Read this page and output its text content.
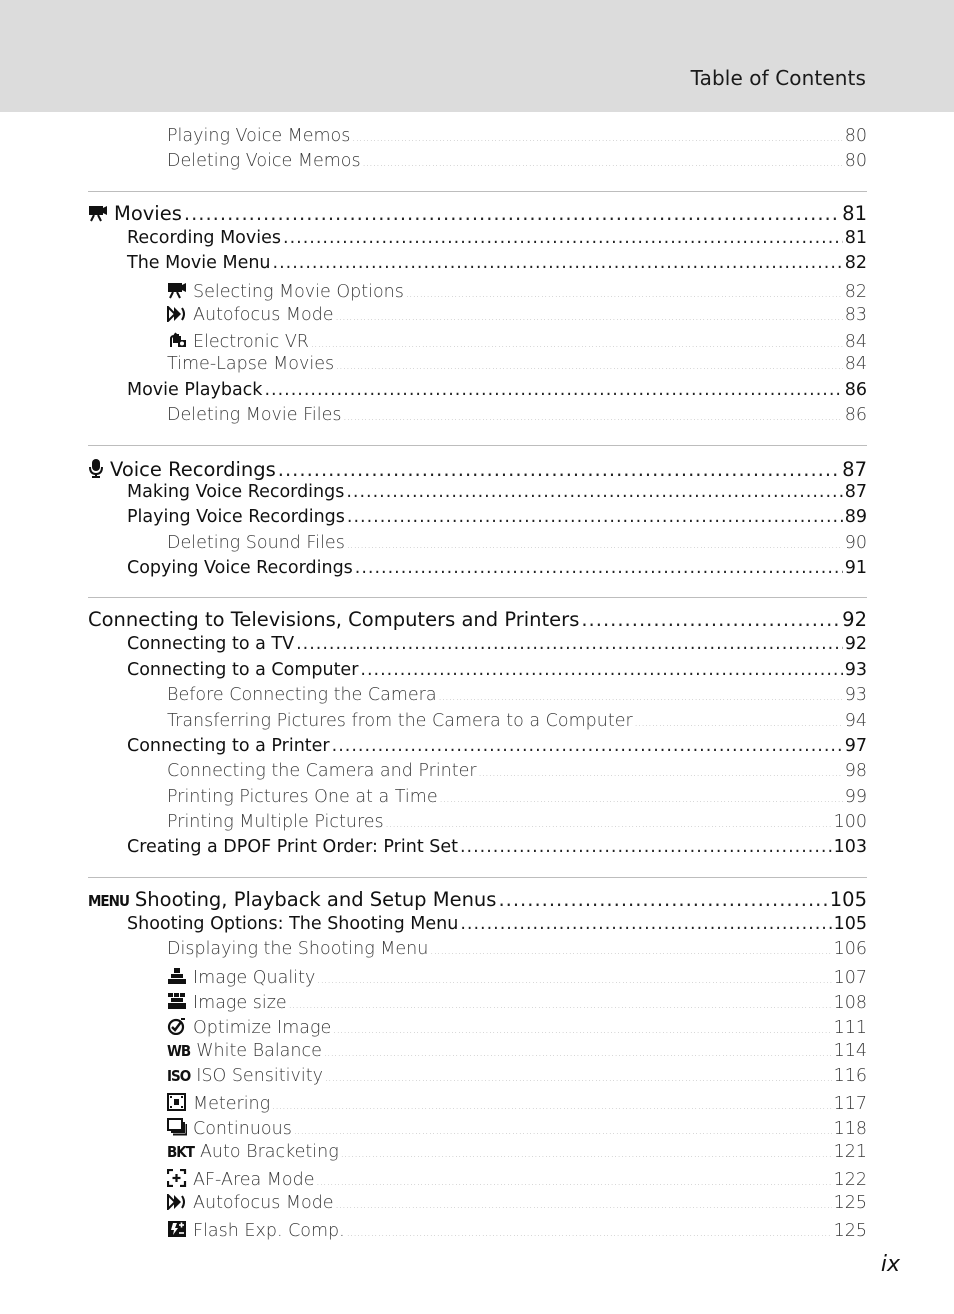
Table of Contents
Playing Voice Memos .....	80
Deleting Voice Memos .....	80
Movies .....	81
Recording Movies .....	81
The Movie Menu .....	82
Selecting Movie Options .....	82
Autofocus Mode .....	83
Electronic VR .....	84
Time-Lapse Movies .....	84
Movie Playback .....	86
Deleting Movie Files .....	86
Voice Recordings .....	87
Making Voice Recordings .....	87
Playing Voice Recordings .....	89
Deleting Sound Files .....	90
Copying Voice Recordings .....	91
Connecting to Televisions, Computers and Printers .....	92
Connecting to a TV .....	92
Connecting to a Computer .....	93
Before Connecting the Camera .....	93
Transferring Pictures from the Camera to a Computer .....	94
Connecting to a Printer .....	97
Connecting the Camera and Printer .....	98
Printing Pictures One at a Time .....	99
Printing Multiple Pictures .....	100
Creating a DPOF Print Order: Print Set .....	103
MENU Shooting, Playback and Setup Menus .....	105
Shooting Options: The Shooting Menu .....	105
Displaying the Shooting Menu .....	106
Image Quality .....	107
Image size .....	108
Optimize Image .....	111
WB White Balance .....	114
ISO ISO Sensitivity .....	116
Metering .....	117
Continuous .....	118
BKT Auto Bracketing .....	121
AF-Area Mode .....	122
Autofocus Mode .....	125
Flash Exp. Comp. .....	125
ix
